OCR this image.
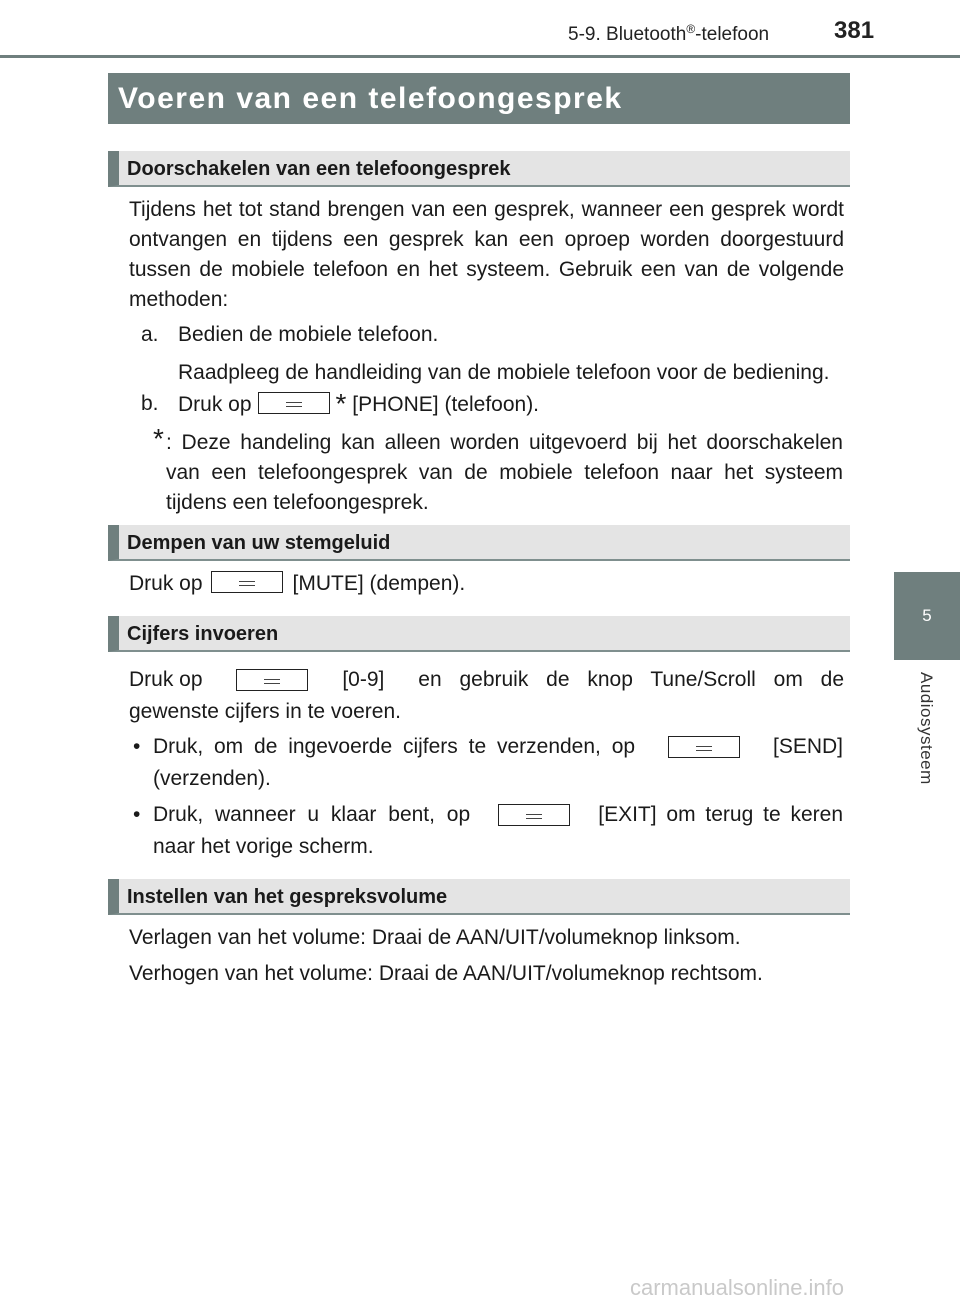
5-9. Bluetooth®-telefoon	381
5
Audiosysteem
Voeren van een telefoongesprek
Doorschakelen van een telefoongesprek
Tijdens het tot stand brengen van een gesprek, wanneer een gesprek wordt ontvangen en tijdens een gesprek kan een oproep worden doorgestuurd tussen de mobiele telefoon en het systeem. Gebruik een van de volgende methoden:
a. Bedien de mobiele telefoon.
Raadpleeg de handleiding van de mobiele telefoon voor de bediening.
b. Druk op	* [PHONE] (telefoon).
* : Deze handeling kan alleen worden uitgevoerd bij het doorschakelen van een telefoongesprek van de mobiele telefoon naar het systeem tijdens een telefoongesprek.
Dempen van uw stemgeluid
Druk op	[MUTE] (dempen).
Cijfers invoeren
Druk op	[0-9] en gebruik de knop Tune/Scroll om de
gewenste cijfers in te voeren.
• Druk, om de ingevoerde cijfers te verzenden, op	[SEND]
(verzenden).
• Druk, wanneer u klaar bent, op	[EXIT] om terug te keren
naar het vorige scherm.
Instellen van het gespreksvolume
Verlagen van het volume: Draai de AAN/UIT/volumeknop linksom.
Verhogen van het volume: Draai de AAN/UIT/volumeknop rechtsom.
carmanualsonline.info
